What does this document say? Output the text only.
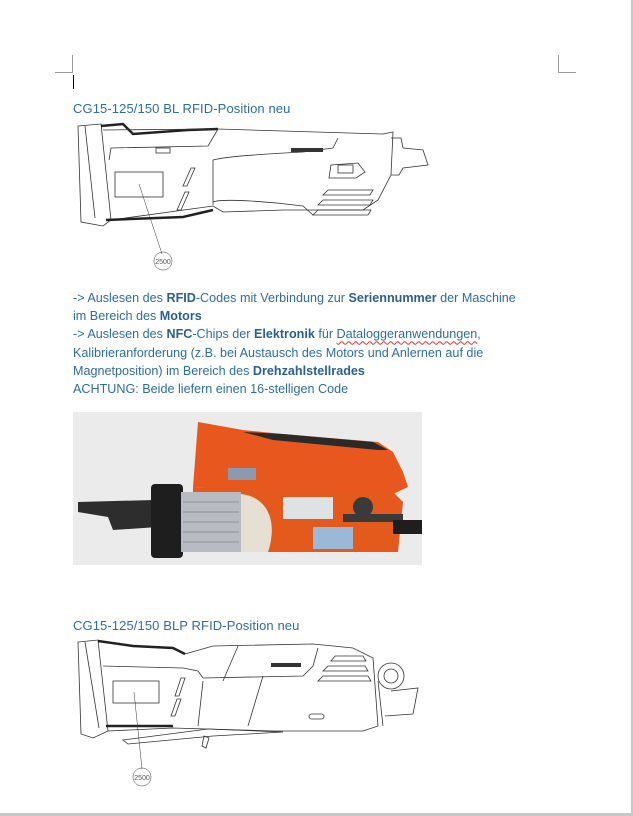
CG15-125/150 BL RFID-Position neu
2500

-> Auslesen des RFID-Codes mit Verbindung zur Seriennummer der Maschine

im Bereich des Motors

-> Auslesen des NFC-Chips der Elektronik für Dataloggeranwendungen,

Kalibrieranforderung (z.B. bei Austausch des Motors und Anlernen auf die

Magnetposition) im Bereich des Drehzahlstellrades

ACHTUNG: Beide liefern einen 16-stelligen Code

CG15-125/150 BLP RFID-Position neu
2500
